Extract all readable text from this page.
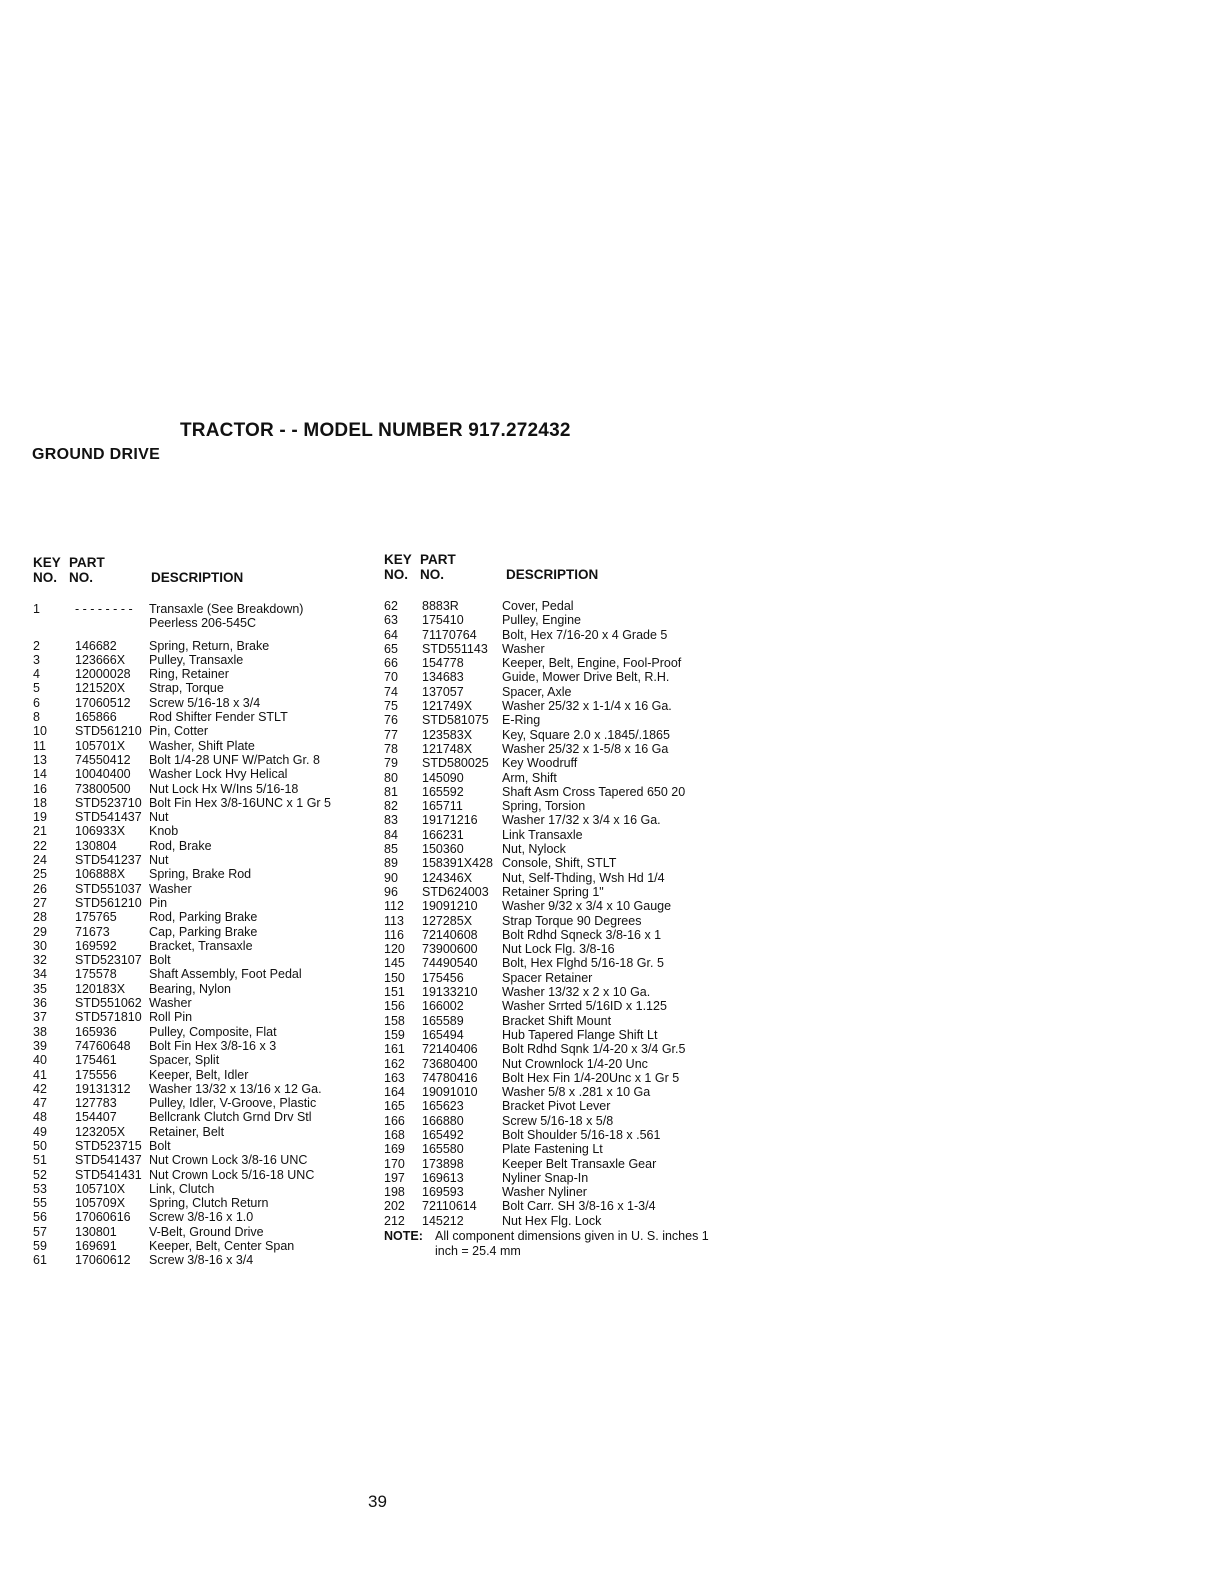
TRACTOR - - MODEL NUMBER 917.272432
GROUND DRIVE
KEY
NO.
PART
NO.	DESCRIPTION
1	- - - - - - - -	Transaxle (See Breakdown)
Peerless 206-545C
2	146682	Spring, Return, Brake
3	123666X	Pulley, Transaxle
4	12000028	Ring, Retainer
5	121520X	Strap, Torque
6	17060512	Screw 5/16-18 x 3/4
8	165866	Rod Shifter Fender STLT
10	STD561210 Pin, Cotter
11	105701X	Washer, Shift Plate
13	74550412	Bolt 1/4-28 UNF W/Patch Gr. 8
14	10040400	Washer Lock Hvy Helical
16	73800500	Nut Lock Hx W/Ins 5/16-18
18	STD523710 Bolt Fin Hex 3/8-16UNC x 1 Gr 5
19	STD541437 Nut
21	106933X	Knob
22	130804	Rod, Brake
24	STD541237 Nut
25	106888X	Spring, Brake Rod
26	STD551037 Washer
27	STD561210 Pin
28	175765	Rod, Parking Brake
29	71673	Cap, Parking Brake
30	169592	Bracket, Transaxle
32	STD523107 Bolt
34	175578	Shaft Assembly, Foot Pedal
35	120183X	Bearing, Nylon
36	STD551062 Washer
37	STD571810 Roll Pin
38	165936	Pulley, Composite, Flat
39	74760648	Bolt Fin Hex 3/8-16 x 3
40	175461	Spacer, Split
41	175556	Keeper, Belt, Idler
42	19131312	Washer 13/32 x 13/16 x 12 Ga.
47	127783	Pulley, Idler, V-Groove, Plastic
48	154407	Bellcrank Clutch Grnd Drv Stl
49	123205X	Retainer, Belt
50	STD523715 Bolt
51	STD541437 Nut Crown Lock 3/8-16 UNC
52	STD541431 Nut Crown Lock 5/16-18 UNC
53	105710X	Link, Clutch
55	105709X	Spring, Clutch Return
56	17060616	Screw 3/8-16 x 1.0
57	130801	V-Belt, Ground Drive
59	169691	Keeper, Belt, Center Span
61	17060612	Screw 3/8-16 x 3/4
KEY
NO.
PART
NO.	DESCRIPTION
62	8883R	Cover, Pedal
63	175410	Pulley, Engine
64	71170764	Bolt, Hex 7/16-20 x 4 Grade 5
65	STD551143	Washer
66	154778	Keeper, Belt, Engine, Fool-Proof
70	134683	Guide, Mower Drive Belt, R.H.
74	137057	Spacer, Axle
75	121749X	Washer 25/32 x 1-1/4 x 16 Ga.
76	STD581075	E-Ring
77	123583X	Key, Square 2.0 x .1845/.1865
78	121748X	Washer 25/32 x 1-5/8 x 16 Ga
79	STD580025	Key Woodruff
80	145090	Arm, Shift
81	165592	Shaft Asm Cross Tapered 650 20
82	165711	Spring, Torsion
83	19171216	Washer 17/32 x 3/4 x 16 Ga.
84	166231	Link Transaxle
85	150360	Nut, Nylock
89	158391X428 Console, Shift, STLT
90	124346X	Nut, Self-Thding, Wsh Hd 1/4
96	STD624003	Retainer Spring 1"
112	19091210	Washer 9/32 x 3/4 x 10 Gauge
113	127285X	Strap Torque 90 Degrees
116	72140608	Bolt Rdhd Sqneck 3/8-16 x 1
120	73900600	Nut Lock Flg. 3/8-16
145	74490540	Bolt, Hex Flghd 5/16-18 Gr. 5
150	175456	Spacer Retainer
151	19133210	Washer 13/32 x 2 x 10 Ga.
156	166002	Washer Srrted 5/16ID x 1.125
158	165589	Bracket Shift Mount
159	165494	Hub Tapered Flange Shift Lt
161	72140406	Bolt Rdhd Sqnk 1/4-20 x 3/4 Gr.5
162	73680400	Nut Crownlock 1/4-20 Unc
163	74780416	Bolt Hex Fin 1/4-20Unc x 1 Gr 5
164	19091010	Washer 5/8 x .281 x 10 Ga
165	165623	Bracket Pivot Lever
166	166880	Screw 5/16-18 x 5/8
168	165492	Bolt Shoulder 5/16-18 x .561
169	165580	Plate Fastening Lt
170	173898	Keeper Belt Transaxle Gear
197	169613	Nyliner Snap-In
198	169593	Washer Nyliner
202	72110614	Bolt Carr. SH 3/8-16 x 1-3/4
212	145212	Nut Hex Flg. Lock
NOTE: All component dimensions given in U. S. inches 1 inch = 25.4 mm
39
